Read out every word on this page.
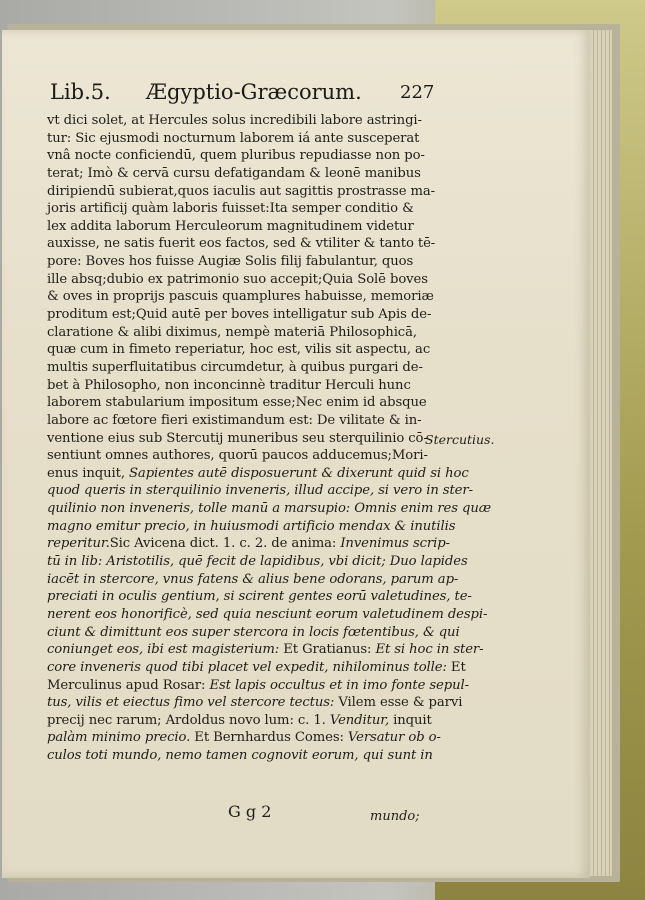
Lib.5. Ægyptio-Græcorum. 227
vt dici solet, at Hercules solus incredibili labore astringi-
tur: Sic ejusmodi nocturnum laborem iá ante susceperat
vnâ nocte conficiendū, quem pluribus repudiasse non po-
terat; Imò & cervā cursu defatigandam & leonē manibus
diripiendū subierat,quos iaculis aut sagittis prostrasse ma-
joris artificij quàm laboris fuisset:Ita semper conditio &
lex addita laborum Herculeorum magnitudinem videtur
auxisse, ne satis fuerit eos factos, sed & vtiliter & tanto tē-
pore: Boves hos fuisse Augiæ Solis filij fabulantur, quos
ille absq;dubio ex patrimonio suo accepit;Quia Solē boves
& oves in proprijs pascuis quamplures habuisse, memoriæ
proditum est;Quid autē per boves intelligatur sub Apis de-
claratione & alibi diximus, nempè materiā Philosophicā,
quæ cum in fimeto reperiatur, hoc est, vilis sit aspectu, ac
multis superfluitatibus circumdetur, à quibus purgari de-
bet à Philosopho, non inconcinnè traditur Herculi hunc
laborem stabularium impositum esse;Nec enim id absque
labore ac fœtore fieri existimandum est: De vilitate & in-
ventione eius sub Stercutij muneribus seu sterquilinio cō-
sentiunt omnes authores, quorū paucos adducemus;Mori-
enus inquit, Sapientes autē disposuerunt & dixerunt quid si hoc
quod queris in sterquilinio inveneris, illud accipe, si vero in ster-
quilinio non inveneris, tolle manū a marsupio: Omnis enim res quæ
magno emitur precio, in huiusmodi artificio mendax & inutilis
reperitur.Sic Avicena dict. 1. c. 2. de anima: Invenimus scrip-
tū in lib: Aristotilis, quē fecit de lapidibus, vbi dicit; Duo lapides
iacēt in stercore, vnus fatens & alius bene odorans, parum ap-
preciati in oculis gentium, si scirent gentes eorū valetudines, te-
nerent eos honorificè, sed quia nesciunt eorum valetudinem despi-
ciunt & dimittunt eos super stercora in locis fœtentibus, & qui
coniunget eos, ibi est magisterium: Et Gratianus: Et si hoc in ster-
core inveneris quod tibi placet vel expedit, nihilominus tolle: Et
Merculinus apud Rosar: Est lapis occultus et in imo fonte sepul-
tus, vilis et eiectus fimo vel stercore tectus: Vilem esse & parvi
precij nec rarum; Ardoldus novo lum: c. 1. Venditur, inquit
palàm minimo precio. Et Bernhardus Comes: Versatur ob o-
culos toti mundo, nemo tamen cognovit eorum, qui sunt in
Stercutius.
G g 2	mundo;
